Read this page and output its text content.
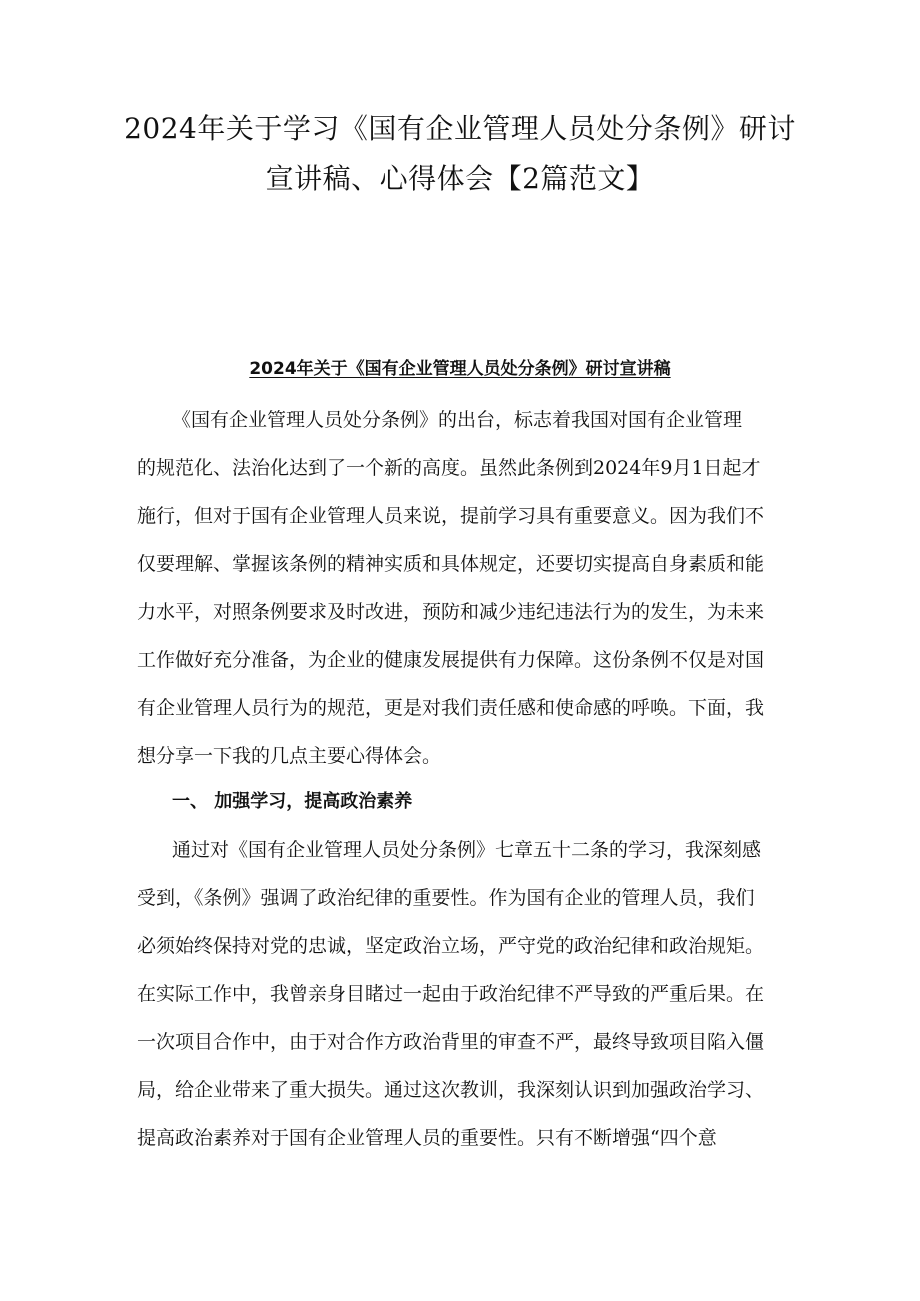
2024年关于学习《国有企业管理人员处分条例》研讨
宣讲稿、心得体会【2篇范文】
2024年关于《国有企业管理人员处分条例》研讨宣讲稿

《国有企业管理人员处分条例》的出台，标志着我国对国有企业管理

的规范化、法治化达到了一个新的高度。虽然此条例到2024年9月1日起才

施行，但对于国有企业管理人员来说，提前学习具有重要意义。因为我们不

仅要理解、掌握该条例的精神实质和具体规定，还要切实提高自身素质和能

力水平，对照条例要求及时改进，预防和减少违纪违法行为的发生，为未来

工作做好充分准备，为企业的健康发展提供有力保障。这份条例不仅是对国

有企业管理人员行为的规范，更是对我们责任感和使命感的呼唤。下面，我

想分享一下我的几点主要心得体会。

一、 加强学习，提高政治素养

通过对《国有企业管理人员处分条例》七章五十二条的学习，我深刻感

受到，《条例》强调了政治纪律的重要性。作为国有企业的管理人员，我们

必须始终保持对党的忠诚，坚定政治立场，严守党的政治纪律和政治规矩。

在实际工作中，我曾亲身目睹过一起由于政治纪律不严导致的严重后果。在

一次项目合作中，由于对合作方政治背里的审查不严，最终导致项目陷入僵

局，给企业带来了重大损失。通过这次教训，我深刻认识到加强政治学习、

提高政治素养对于国有企业管理人员的重要性。只有不断增强“四个意
